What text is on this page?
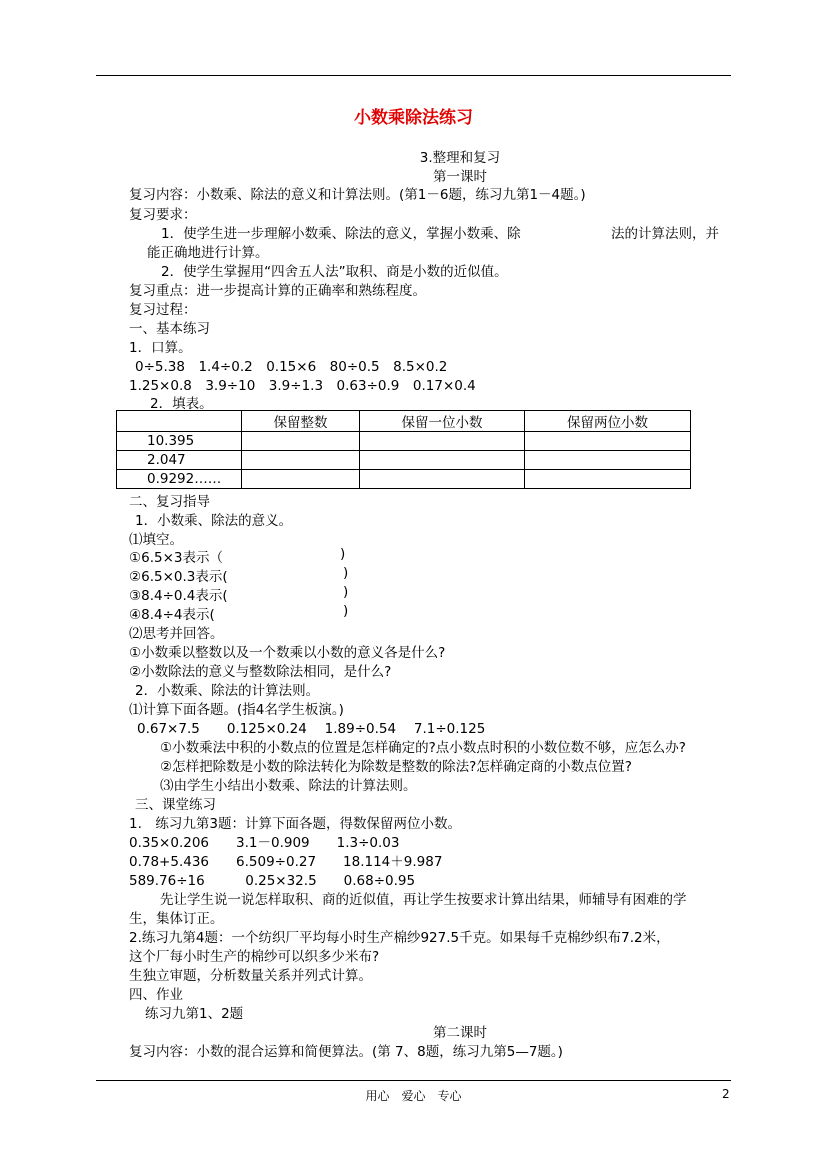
小数乘除法练习
3.整理和复习
第一课时
复习内容：小数乘、除法的意义和计算法则。(第1－6题，练习九第1－4题。)
复习要求：
1．使学生进一步理解小数乘、除法的意义，掌握小数乘、除	法的计算法则，并
能正确地进行计算。
2．使学生掌握用“四舍五人法”取积、商是小数的近似值。
复习重点：进一步提高计算的正确率和熟练程度。
复习过程：
一、基本练习
1．口算。
0÷5.38　1.4÷0.2　0.15×6　80÷0.5　8.5×0.2
1.25×0.8　3.9÷10　3.9÷1.3　0.63÷0.9　0.17×0.4
2．填表。
	保留整数	保留一位小数	保留两位小数
10.395			
2.047			
0.9292……			
二、复习指导
1．小数乘、除法的意义。
⑴填空。
①6.5×3表示（	)
②6.5×0.3表示(	)
③8.4÷0.4表示(	)
④8.4÷4表示(	)
⑵思考并回答。
①小数乘以整数以及一个数乘以小数的意义各是什么?
②小数除法的意义与整数除法相同，是什么?
2．小数乘、除法的计算法则。
⑴计算下面各题。(指4名学生板演。)
0.67×7.5　　0.125×0.24　 1.89÷0.54　 7.1÷0.125
①小数乘法中积的小数点的位置是怎样确定的?点小数点时积的小数位数不够，应怎么办?
②怎样把除数是小数的除法转化为除数是整数的除法?怎样确定商的小数点位置?
⑶由学生小结出小数乘、除法的计算法则。
三、课堂练习
1.　练习九第3题：计算下面各题，得数保留两位小数。
0.35×0.206　　3.1－0.909　　1.3÷0.03
0.78+5.436　　6.509÷0.27　　18.114＋9.987
589.76÷16　　　0.25×32.5　　0.68÷0.95
先让学生说一说怎样取积、商的近似值，再让学生按要求计算出结果，师辅导有困难的学
生，集体订正。
2.练习九第4题：一个纺织厂平均每小时生产棉纱927.5千克。如果每千克棉纱织布7.2米，
这个厂每小时生产的棉纱可以织多少米布?
生独立审题，分析数量关系并列式计算。
四、作业
练习九第1、2题
第二课时
复习内容：小数的混合运算和简便算法。(第 7、8题，练习九第5—7题。)
用心　爱心　专心	2
